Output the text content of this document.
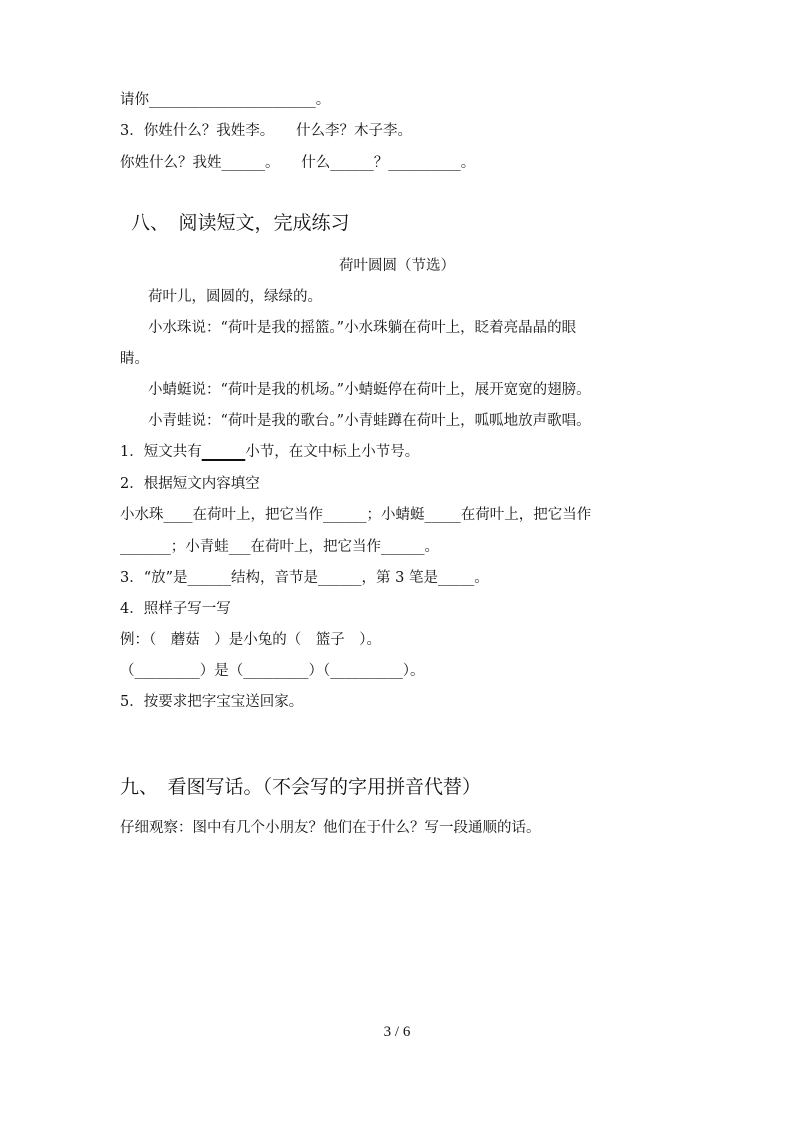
请你_______________________。
3．你姓什么？我姓李。　　什么李？木子李。
你姓什么？我姓______。　　什么______？__________。
八、　阅读短文，完成练习
荷叶圆圆（节选）
荷叶儿，圆圆的，绿绿的。
小水珠说：“荷叶是我的摇篮。”小水珠躺在荷叶上，眨着亮晶晶的眼
睛。
小蜻蜓说：“荷叶是我的机场。”小蜻蜓停在荷叶上，展开宽宽的翅膀。
小青蛙说：“荷叶是我的歌台。”小青蛙蹲在荷叶上，呱呱地放声歌唱。
1．短文共有______小节，在文中标上小节号。
2．根据短文内容填空
小水珠____在荷叶上，把它当作______；小蜻蜓_____在荷叶上，把它当作
_______；小青蛙___在荷叶上，把它当作______。
3．“放”是______结构，音节是______，第 3 笔是_____。
4．照样子写一写
例：（　蘑菇　）是小兔的（　篮子　）。
（_________）是（_________）（__________）。
5．按要求把字宝宝送回家。
九、　看图写话。（不会写的字用拼音代替）
仔细观察：图中有几个小朋友？他们在于什么？写一段通顺的话。
3 / 6
